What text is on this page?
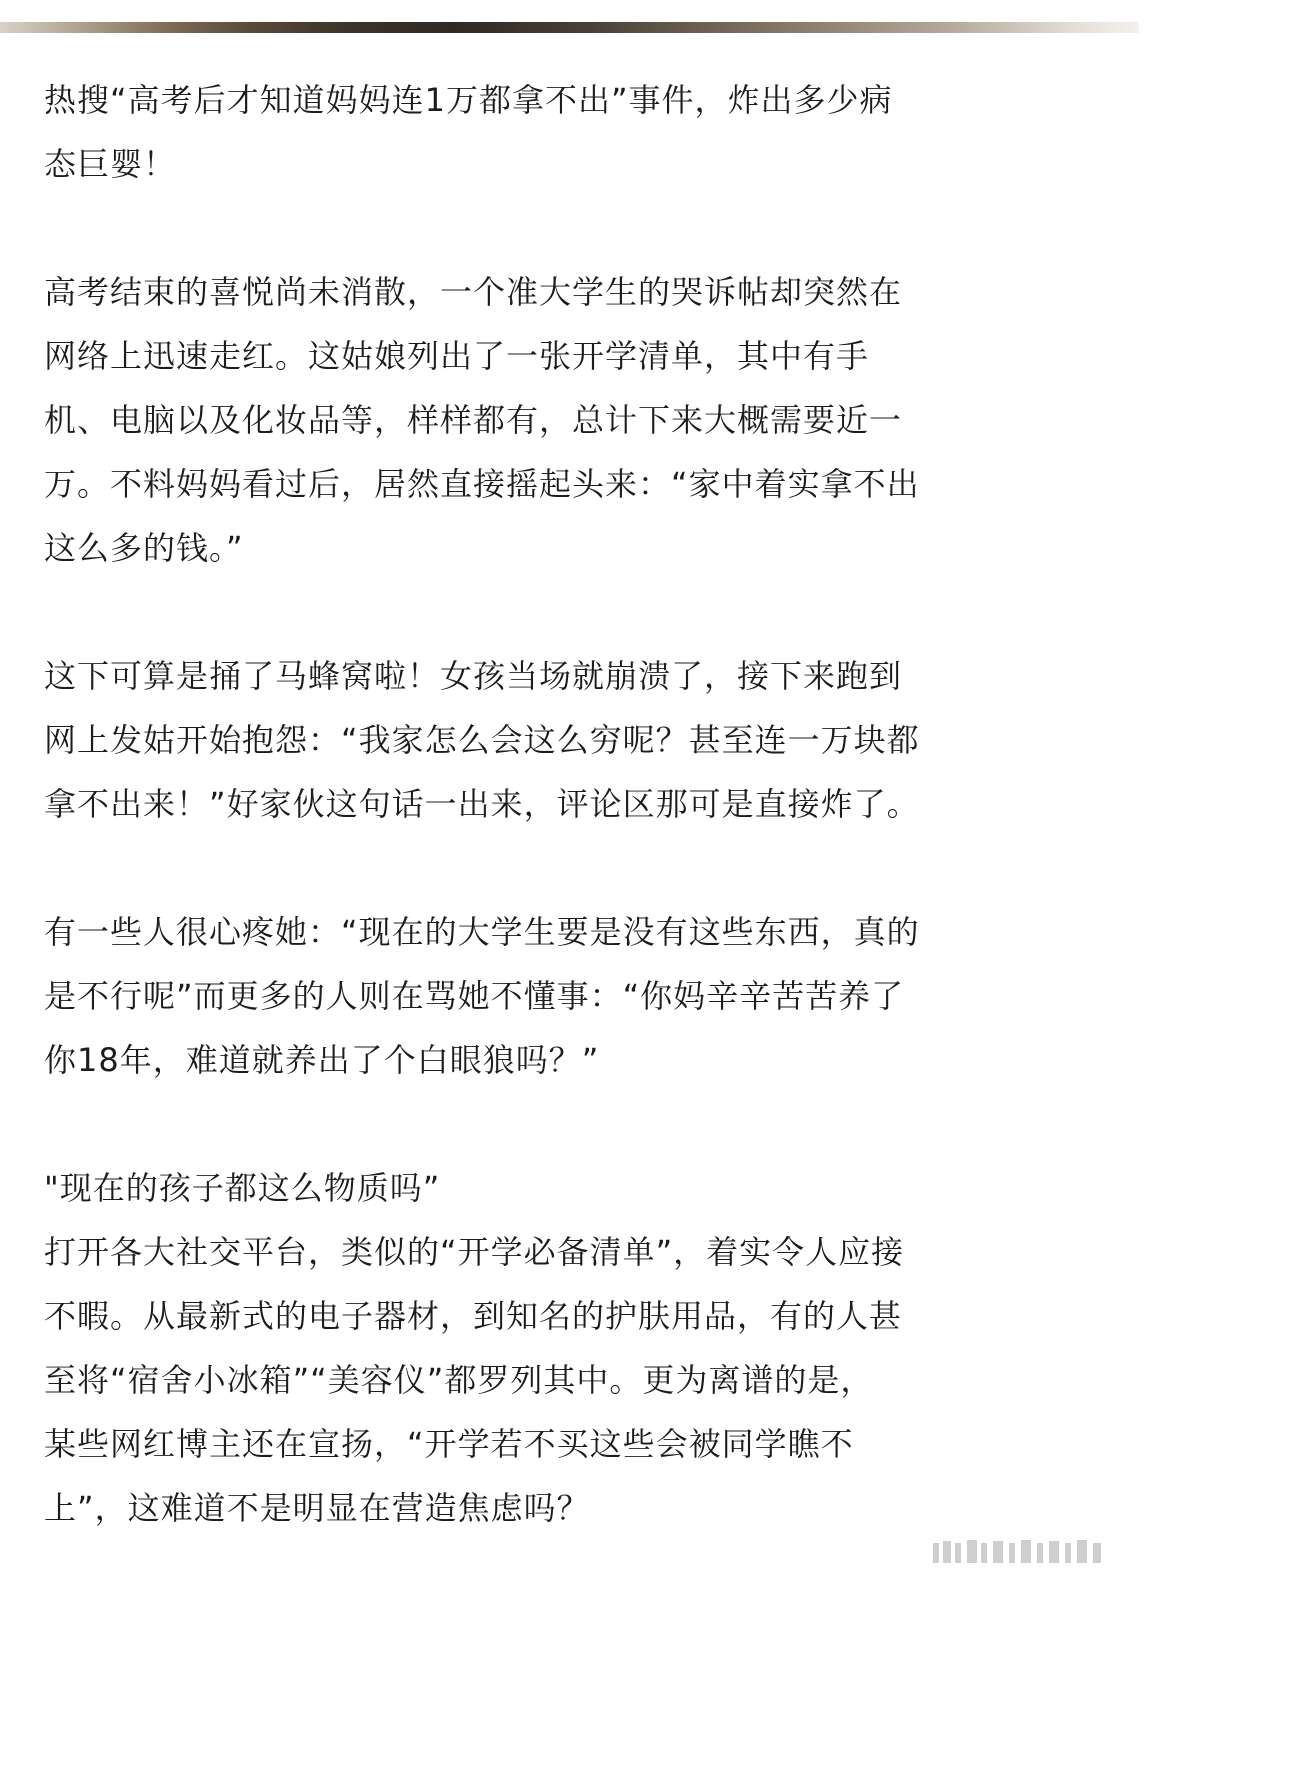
热搜“高考后才知道妈妈连1万都拿不出”事件，炸出多少病
态巨婴！

高考结束的喜悦尚未消散，一个准大学生的哭诉帖却突然在
网络上迅速走红。这姑娘列出了一张开学清单，其中有手
机、电脑以及化妆品等，样样都有，总计下来大概需要近一
万。不料妈妈看过后，居然直接摇起头来：“家中着实拿不出
这么多的钱。”

这下可算是捅了马蜂窝啦！女孩当场就崩溃了，接下来跑到
网上发姑开始抱怨：“我家怎么会这么穷呢？甚至连一万块都
拿不出来！”好家伙这句话一出来，评论区那可是直接炸了。

有一些人很心疼她：“现在的大学生要是没有这些东西，真的
是不行呢”而更多的人则在骂她不懂事：“你妈辛辛苦苦养了
你18年，难道就养出了个白眼狼吗？”

"现在的孩子都这么物质吗”

打开各大社交平台，类似的“开学必备清单”，着实令人应接
不暇。从最新式的电子器材，到知名的护肤用品，有的人甚
至将“宿舍小冰箱”“美容仪”都罗列其中。更为离谱的是，
某些网红博主还在宣扬，“开学若不买这些会被同学瞧不
上”，这难道不是明显在营造焦虑吗？
